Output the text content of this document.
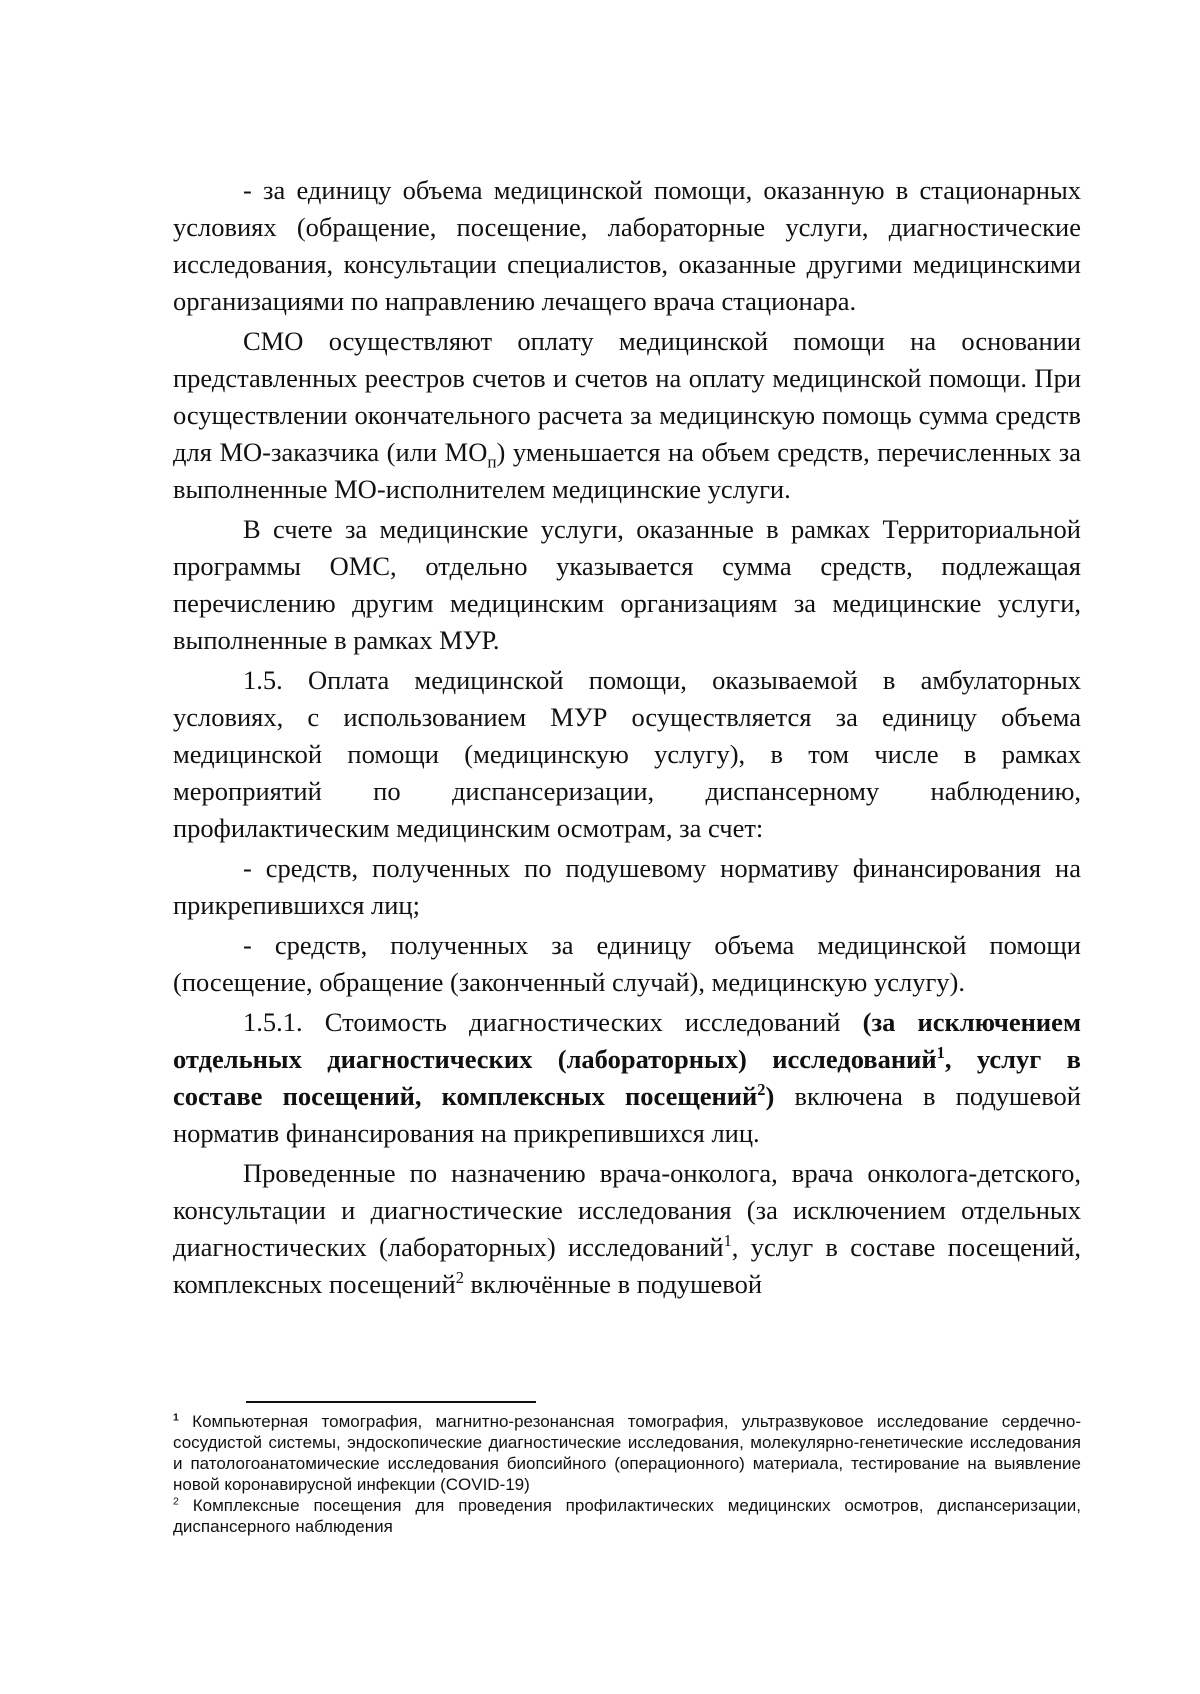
- за единицу объема медицинской помощи, оказанную в стационарных условиях (обращение, посещение, лабораторные услуги, диагностические исследования, консультации специалистов, оказанные другими медицинскими организациями по направлению лечащего врача стационара.

СМО осуществляют оплату медицинской помощи на основании представленных реестров счетов и счетов на оплату медицинской помощи. При осуществлении окончательного расчета за медицинскую помощь сумма средств для МО-заказчика (или $МО_п$) уменьшается на объем средств, перечисленных за выполненные МО-исполнителем медицинские услуги.

В счете за медицинские услуги, оказанные в рамках Территориальной программы ОМС, отдельно указывается сумма средств, подлежащая перечислению другим медицинским организациям за медицинские услуги, выполненные в рамках МУР.

1.5. Оплата медицинской помощи, оказываемой в амбулаторных условиях, с использованием МУР осуществляется за единицу объема медицинской помощи (медицинскую услугу), в том числе в рамках мероприятий по диспансеризации, диспансерному наблюдению, профилактическим медицинским осмотрам, за счет:

- средств, полученных по подушевому нормативу финансирования на прикрепившихся лиц;

- средств, полученных за единицу объема медицинской помощи (посещение, обращение (законченный случай), медицинскую услугу).

1.5.1. Стоимость диагностических исследований (за исключением отдельных диагностических (лабораторных) исследований$^1$, услуг в составе посещений, комплексных посещений$^2$) включена в подушевой норматив финансирования на прикрепившихся лиц.

Проведенные по назначению врача-онколога, врача онколога-детского, консультации и диагностические исследования (за исключением отдельных диагностических (лабораторных) исследований$^1$, услуг в составе посещений, комплексных посещений$^2$ включённые в подушевой

$^1$ Компьютерная томография, магнитно-резонансная томография, ультразвуковое исследование сердечно-сосудистой системы, эндоскопические диагностические исследования, молекулярно-генетические исследования и патологоанатомические исследования биопсийного (операционного) материала, тестирование на выявление новой коронавирусной инфекции (COVID-19)

$^2$ Комплексные посещения для проведения профилактических медицинских осмотров, диспансеризации, диспансерного наблюдения
